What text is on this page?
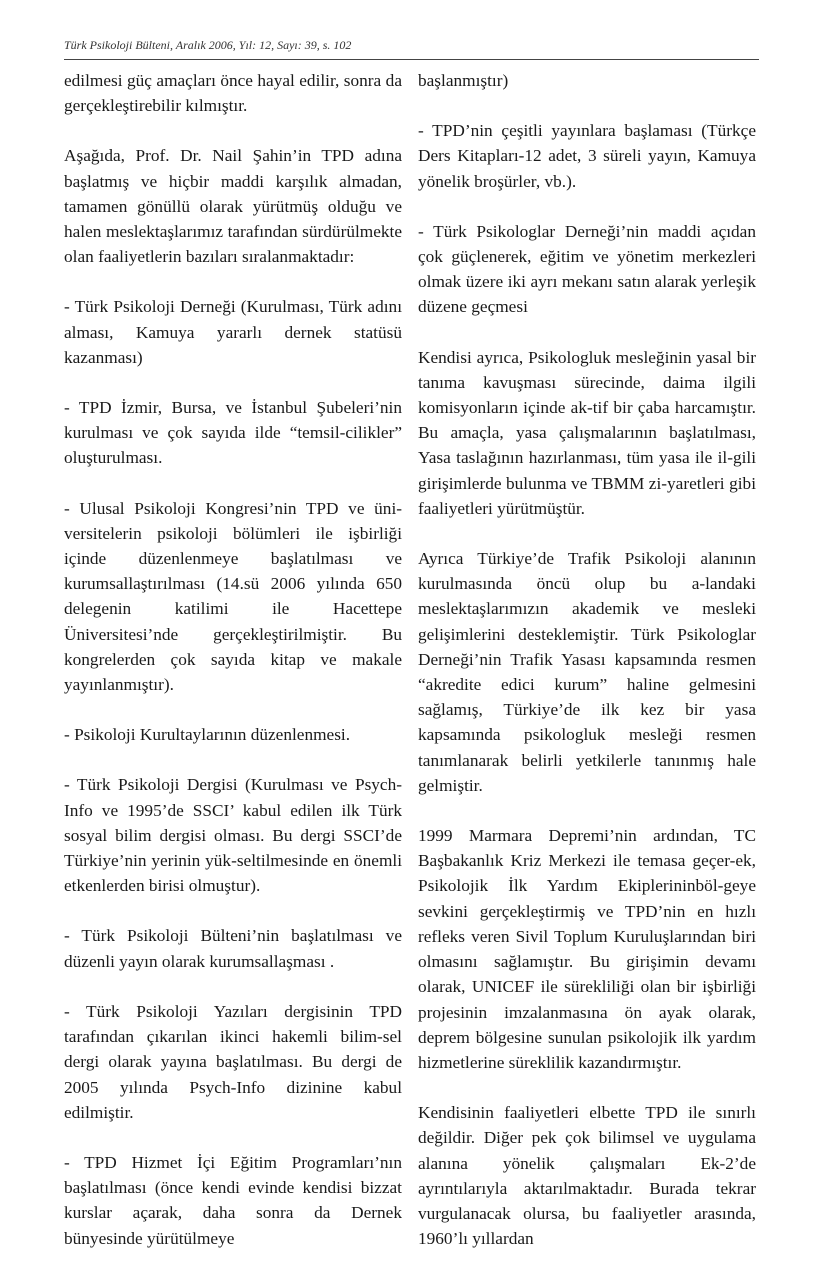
Türk Psikoloji Bülteni, Aralık 2006, Yıl: 12, Sayı: 39, s. 102

edilmesi güç amaçları önce hayal edilir, sonra da gerçekleştirebilir kılmıştır.

Aşağıda, Prof. Dr. Nail Şahin’in TPD adına başlatmış ve hiçbir maddi karşılık almadan, tamamen gönüllü olarak yürütmüş olduğu ve halen meslektaşlarımız tarafından sürdürülmekte olan faaliyetlerin bazıları sıralanmaktadır:

- Türk Psikoloji Derneği (Kurulması, Türk adını alması, Kamuya yararlı dernek statüsü kazanması)

- TPD İzmir, Bursa, ve İstanbul Şubeleri’nin kurulması ve çok sayıda ilde “temsil-cilikler” oluşturulması.

- Ulusal Psikoloji Kongresi’nin TPD ve üni-versitelerin psikoloji bölümleri ile işbirliği içinde düzenlenmeye başlatılması ve kurumsallaştırılması (14.sü 2006 yılında 650 delegenin katilimi ile Hacettepe Üniversitesi’nde gerçekleştirilmiştir. Bu kongrelerden çok sayıda kitap ve makale yayınlanmıştır).

- Psikoloji Kurultaylarının düzenlenmesi.

- Türk Psikoloji Dergisi (Kurulması ve Psych-Info ve 1995’de SSCI’ kabul edilen ilk Türk sosyal bilim dergisi olması. Bu dergi SSCI’de Türkiye’nin yerinin yük-seltilmesinde en önemli etkenlerden birisi olmuştur).

- Türk Psikoloji Bülteni’nin başlatılması ve düzenli yayın olarak kurumsallaşması .

- Türk Psikoloji Yazıları dergisinin TPD tarafından çıkarılan ikinci hakemli bilim-sel dergi olarak yayına başlatılması. Bu dergi de 2005 yılında Psych-Info dizinine kabul edilmiştir.

- TPD Hizmet İçi Eğitim Programları’nın başlatılması (önce kendi evinde kendisi bizzat kurslar açarak, daha sonra da Dernek bünyesinde yürütülmeye

başlanmıştır)

- TPD’nin çeşitli yayınlara başlaması (Türkçe Ders Kitapları-12 adet, 3 süreli yayın, Kamuya yönelik broşürler, vb.).

- Türk Psikologlar Derneği’nin maddi açıdan çok güçlenerek, eğitim ve yönetim merkezleri olmak üzere iki ayrı mekanı satın alarak yerleşik düzene geçmesi

Kendisi ayrıca, Psikologluk mesleğinin yasal bir tanıma kavuşması sürecinde, daima ilgili komisyonların içinde ak-tif bir çaba harcamıştır. Bu amaçla, yasa çalışmalarının başlatılması, Yasa taslağının hazırlanması, tüm yasa ile il-gili girişimlerde bulunma ve TBMM zi-yaretleri gibi faaliyetleri yürütmüştür.

Ayrıca Türkiye’de Trafik Psikoloji alanının kurulmasında öncü olup bu a-landaki meslektaşlarımızın akademik ve mesleki gelişimlerini desteklemiştir. Türk Psikologlar Derneği’nin Trafik Yasası kapsamında resmen “akredite edici kurum” haline gelmesini sağlamış, Türkiye’de ilk kez bir yasa kapsamında psikologluk mesleği resmen tanımlanarak belirli yetkilerle tanınmış hale gelmiştir.

1999 Marmara Depremi’nin ardından, TC Başbakanlık Kriz Merkezi ile temasa geçer-ek, Psikolojik İlk Yardım Ekiplerininböl-geye sevkini gerçekleştirmiş ve TPD’nin en hızlı refleks veren Sivil Toplum Kuruluşlarından biri olmasını sağlamıştır. Bu girişimin devamı olarak, UNICEF ile sürekliliği olan bir işbirliği projesinin imzalanmasına ön ayak olarak, deprem bölgesine sunulan psikolojik ilk yardım hizmetlerine süreklilik kazandırmıştır.

Kendisinin faaliyetleri elbette TPD ile sınırlı değildir. Diğer pek çok bilimsel ve uygulama alanına yönelik çalışmaları Ek-2’de ayrıntılarıyla aktarılmaktadır. Burada tekrar vurgulanacak olursa, bu faaliyetler arasında, 1960’lı yıllardan
